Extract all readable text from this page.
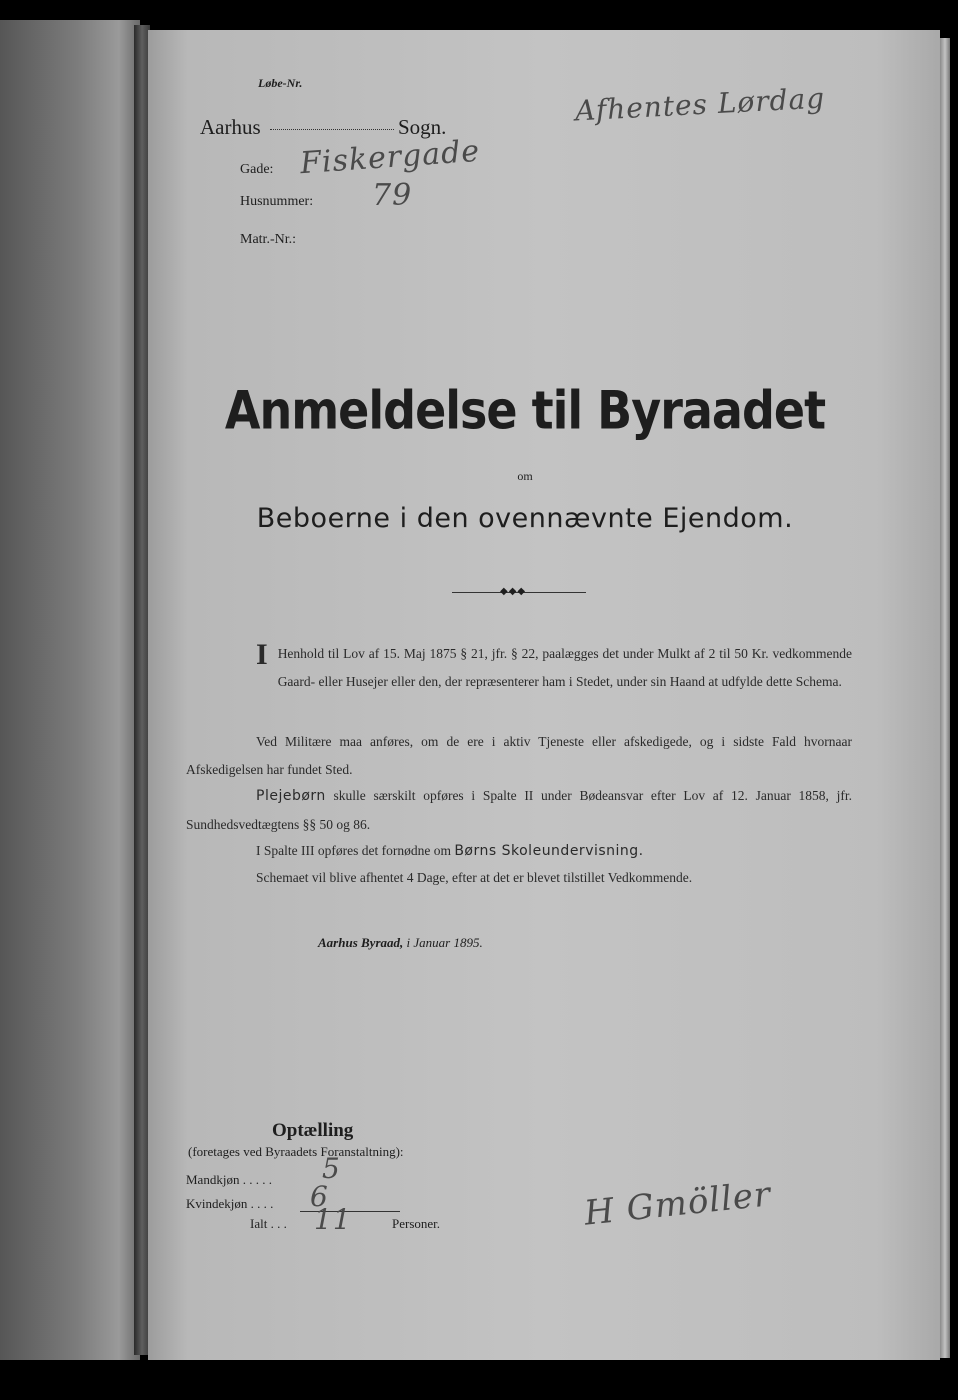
Løbe-Nr.
Aarhus	Sogn.
Gade: Fiskergade
Husnummer: 79
Matr.-Nr.:
Afhentes Lørdag
Anmeldelse til Byraadet
om
Beboerne i den ovennævnte Ejendom.
◆◆◆
I Henhold til Lov af 15. Maj 1875 § 21, jfr. § 22, paalægges det under Mulkt af 2 til 50 Kr. vedkommende Gaard- eller Husejer eller den, der repræsenterer ham i Stedet, under sin Haand at udfylde dette Schema.
Ved Militære maa anføres, om de ere i aktiv Tjeneste eller afskedigede, og i sidste Fald hvornaar Afskedigelsen har fundet Sted.
Plejebørn skulle særskilt opføres i Spalte II under Bødeansvar efter Lov af 12. Januar 1858, jfr. Sundhedsvedtægtens §§ 50 og 86.
I Spalte III opføres det fornødne om Børns Skoleundervisning.
Schemaet vil blive afhentet 4 Dage, efter at det er blevet tilstillet Vedkommende.
Aarhus Byraad, i Januar 1895.
Optælling
(foretages ved Byraadets Foranstaltning):
Mandkjøn . . . . . 5
Kvindekjøn . . . . 6
Ialt . . . 11	Personer.	H Gmöller
